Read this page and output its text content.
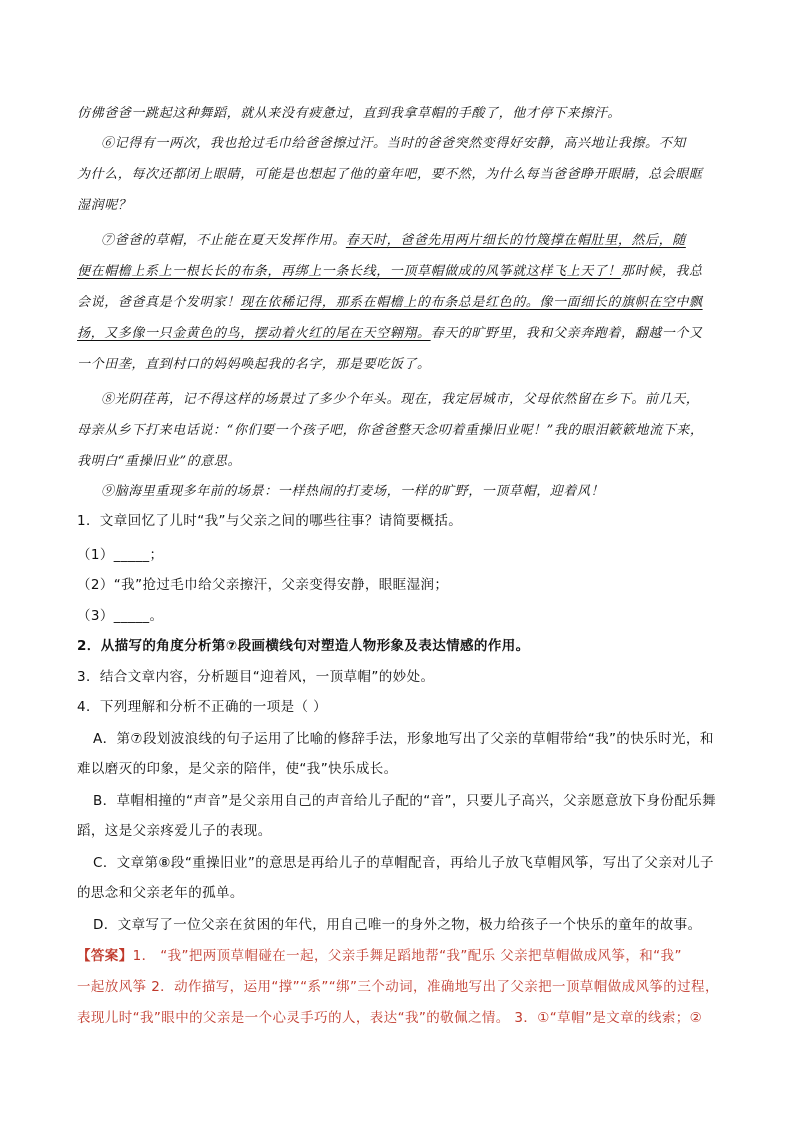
仿佛爸爸一跳起这种舞蹈，就从来没有疲惫过，直到我拿草帽的手酸了，他才停下来擦汗。
⑥记得有一两次，我也抢过毛巾给爸爸擦过汗。当时的爸爸突然变得好安静，高兴地让我擦。不知
为什么，每次还都闭上眼睛，可能是也想起了他的童年吧，要不然，为什么每当爸爸睁开眼睛，总会眼眶
湿润呢？
⑦爸爸的草帽，不止能在夏天发挥作用。春天时，爸爸先用两片细长的竹篾撑在帽肚里，然后，随
便在帽檐上系上一根长长的布条，再绑上一条长线，一顶草帽做成的风筝就这样飞上天了！那时候，我总
会说，爸爸真是个发明家！现在依稀记得，那系在帽檐上的布条总是红色的。像一面细长的旗帜在空中飘
扬，又多像一只金黄色的鸟，摆动着火红的尾在天空翱翔。春天的旷野里，我和父亲奔跑着，翻越一个又
一个田垄，直到村口的妈妈唤起我的名字，那是要吃饭了。
⑧光阴荏苒，记不得这样的场景过了多少个年头。现在，我定居城市，父母依然留在乡下。前几天，
母亲从乡下打来电话说：“你们要一个孩子吧，你爸爸整天念叨着重操旧业呢！”我的眼泪簌簌地流下来，
我明白“重操旧业”的意思。
⑨脑海里重现多年前的场景：一样热闹的打麦场，一样的旷野，一顶草帽，迎着风！
1．文章回忆了儿时“我”与父亲之间的哪些往事？请简要概括。
（1）_____；
（2）“我”抢过毛巾给父亲擦汗，父亲变得安静，眼眶湿润；
（3）_____。
2．从描写的角度分析第⑦段画横线句对塑造人物形象及表达情感的作用。
3．结合文章内容，分析题目“迎着风，一顶草帽”的妙处。
4．下列理解和分析不正确的一项是（ ）
A．第⑦段划波浪线的句子运用了比喻的修辞手法，形象地写出了父亲的草帽带给“我”的快乐时光，和
难以磨灭的印象，是父亲的陪伴，使“我”快乐成长。
B．草帽相撞的“声音”是父亲用自己的声音给儿子配的“音”，只要儿子高兴，父亲愿意放下身份配乐舞
蹈，这是父亲疼爱儿子的表现。
C．文章第⑧段“重操旧业”的意思是再给儿子的草帽配音，再给儿子放飞草帽风筝，写出了父亲对儿子
的思念和父亲老年的孤单。
D．文章写了一位父亲在贫困的年代，用自己唯一的身外之物，极力给孩子一个快乐的童年的故事。
【答案】1． “我”把两顶草帽碰在一起，父亲手舞足蹈地帮“我”配乐 父亲把草帽做成风筝，和“我”
一起放风筝 2．动作描写，运用“撑”“系”“绑”三个动词，准确地写出了父亲把一顶草帽做成风筝的过程，
表现儿时“我”眼中的父亲是一个心灵手巧的人，表达“我”的敬佩之情。 3．①“草帽”是文章的线索；②
